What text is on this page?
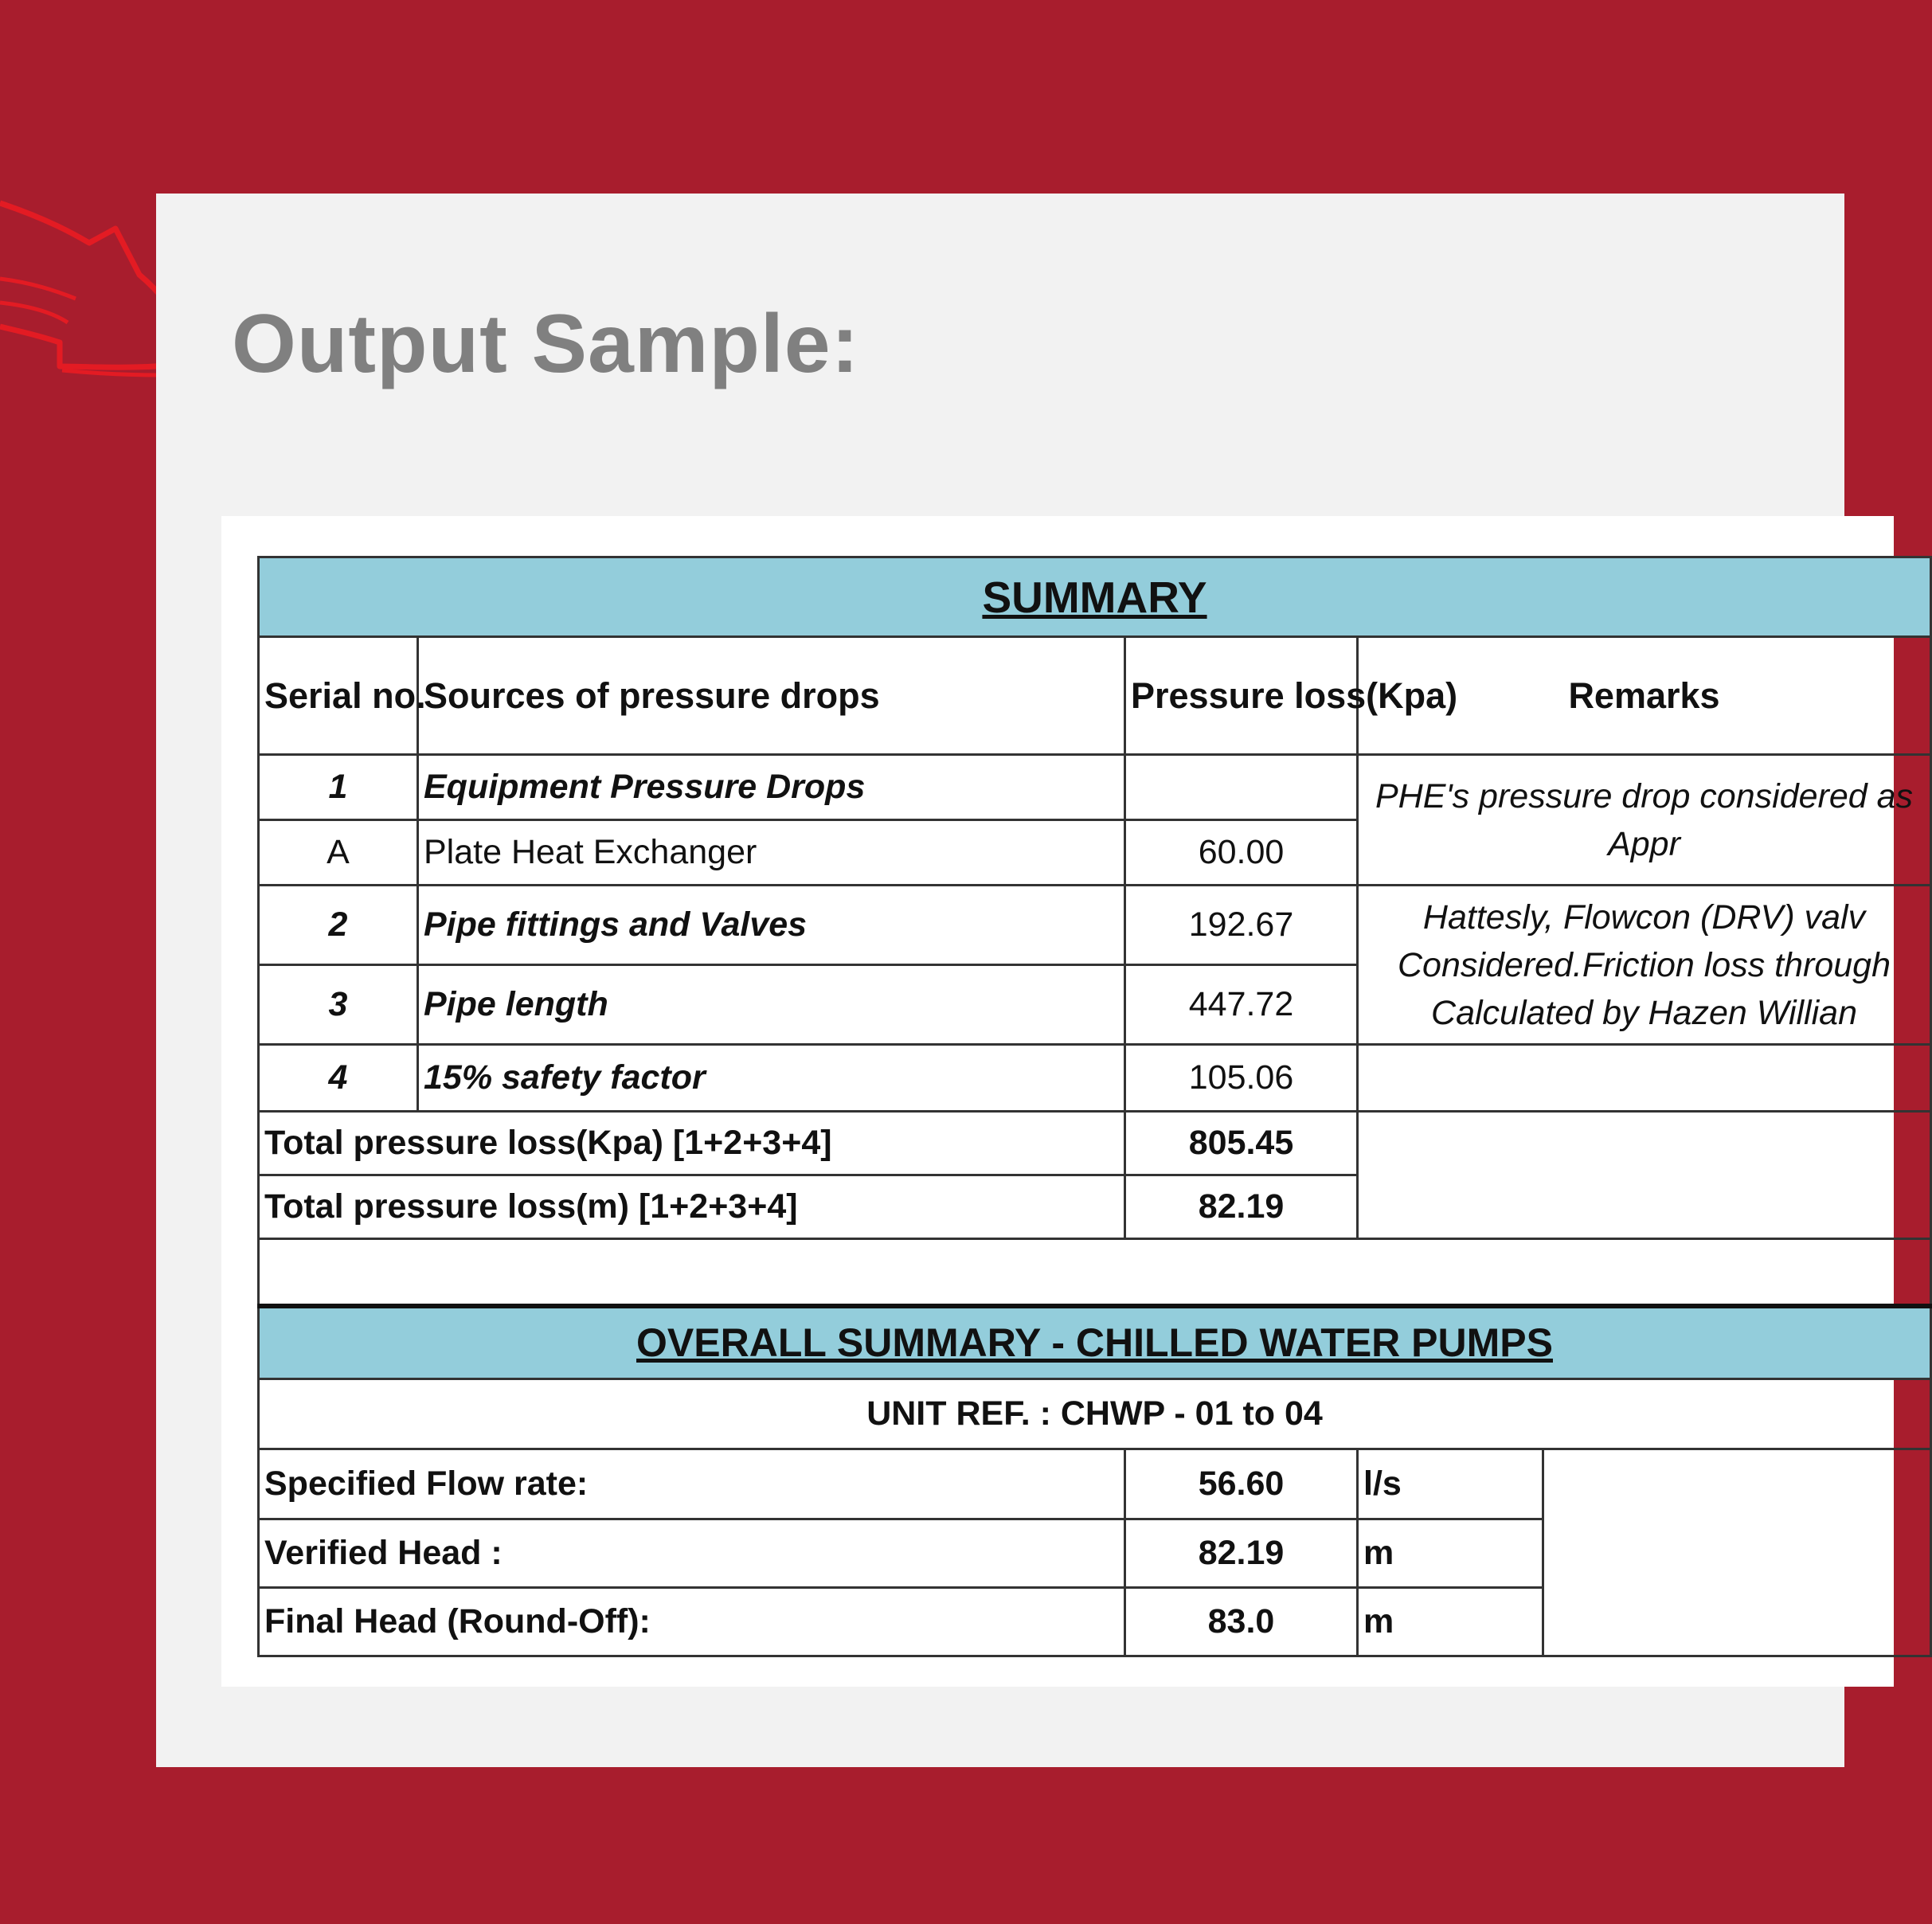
Output Sample:
SUMMARY				
Serial no.	Sources of pressure drops	Pressure loss(Kpa)	Remarks	
1	Equipment Pressure Drops		PHE's pressure drop considered as Appr	
A	Plate Heat Exchanger	60.00		
2	Pipe fittings and Valves	192.67	Hattesly, Flowcon (DRV) valv Considered.Friction loss through Calculated by Hazen Willian	
3	Pipe length	447.72		
4	15% safety factor	105.06		
Total pressure loss(Kpa) [1+2+3+4]		805.45		
Total pressure loss(m) [1+2+3+4]		82.19		

OVERALL SUMMARY - CHILLED WATER PUMPS				
UNIT REF. : CHWP - 01 to 04				
Specified Flow rate:		56.60	l/s	
Verified Head :		82.19	m	
Final Head (Round-Off):		83.0	m	
